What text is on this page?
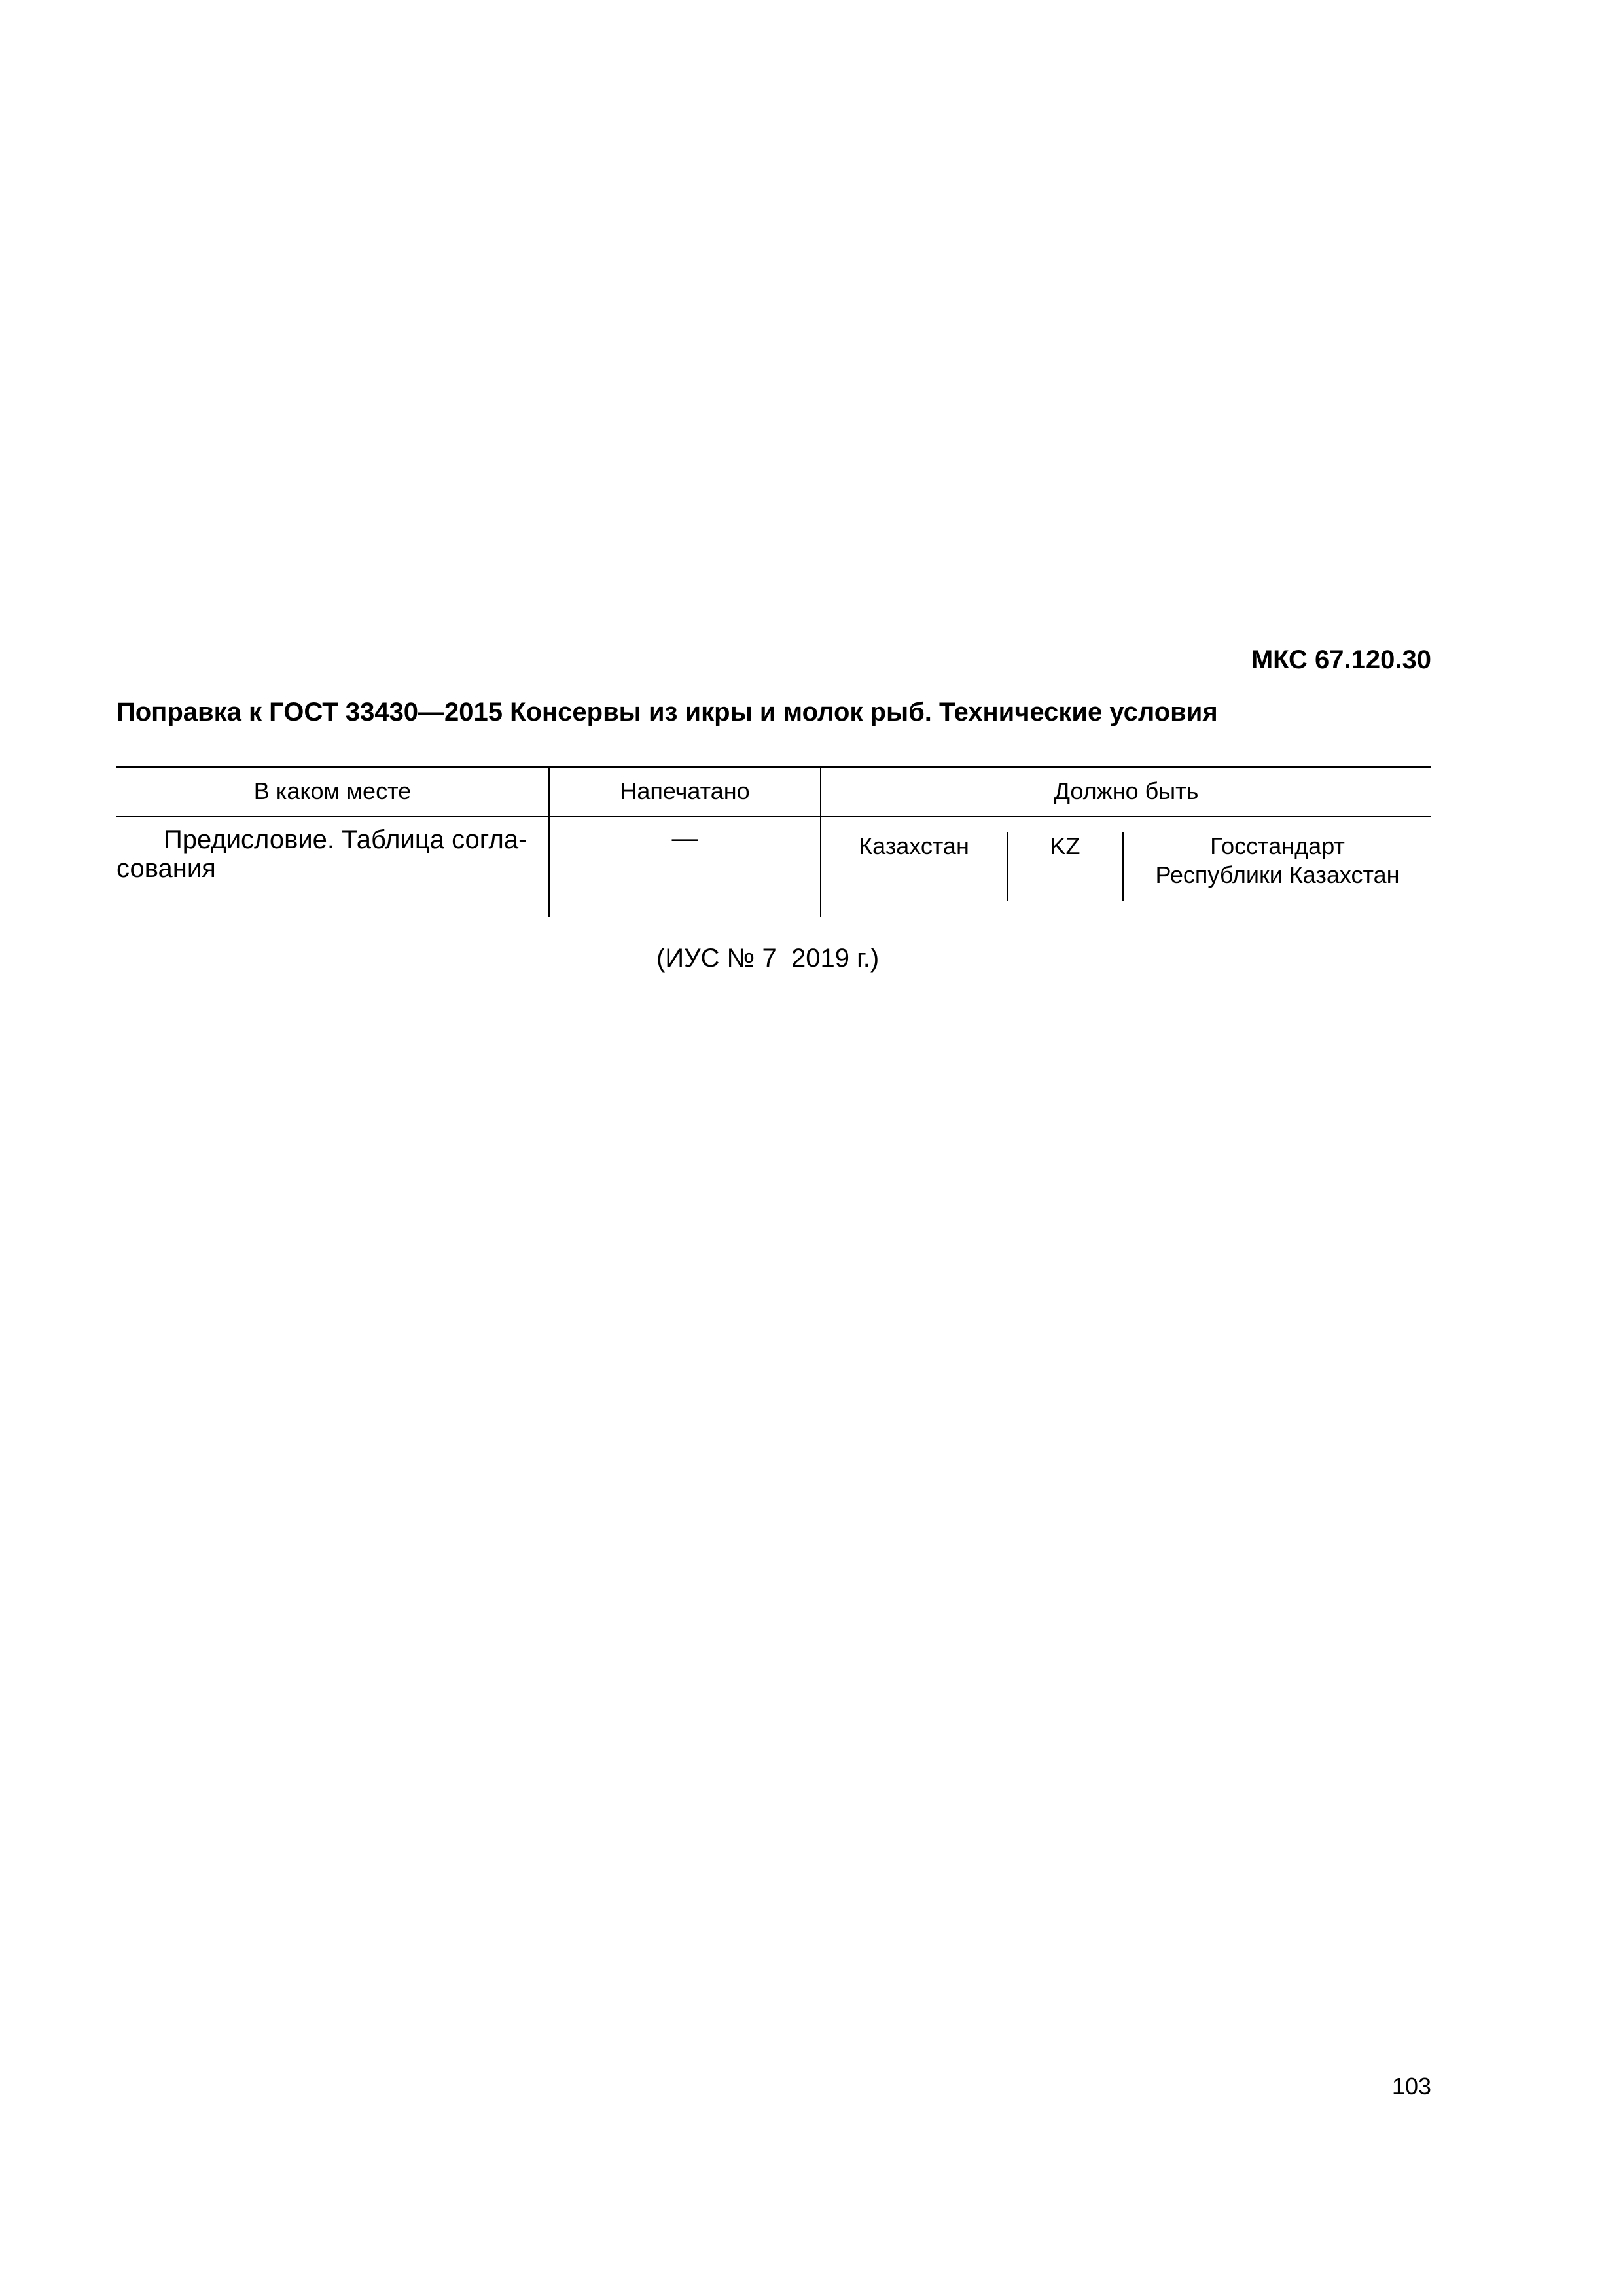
МКС 67.120.30
Поправка к ГОСТ 33430—2015 Консервы из икры и молок рыб. Технические условия
В каком месте	Напечатано	Должно быть
Предисловие. Таблица согла-
сования
—	Казахстан	KZ	Госстандарт
Республики Казахстан
(ИУС № 7  2019 г.)
103
